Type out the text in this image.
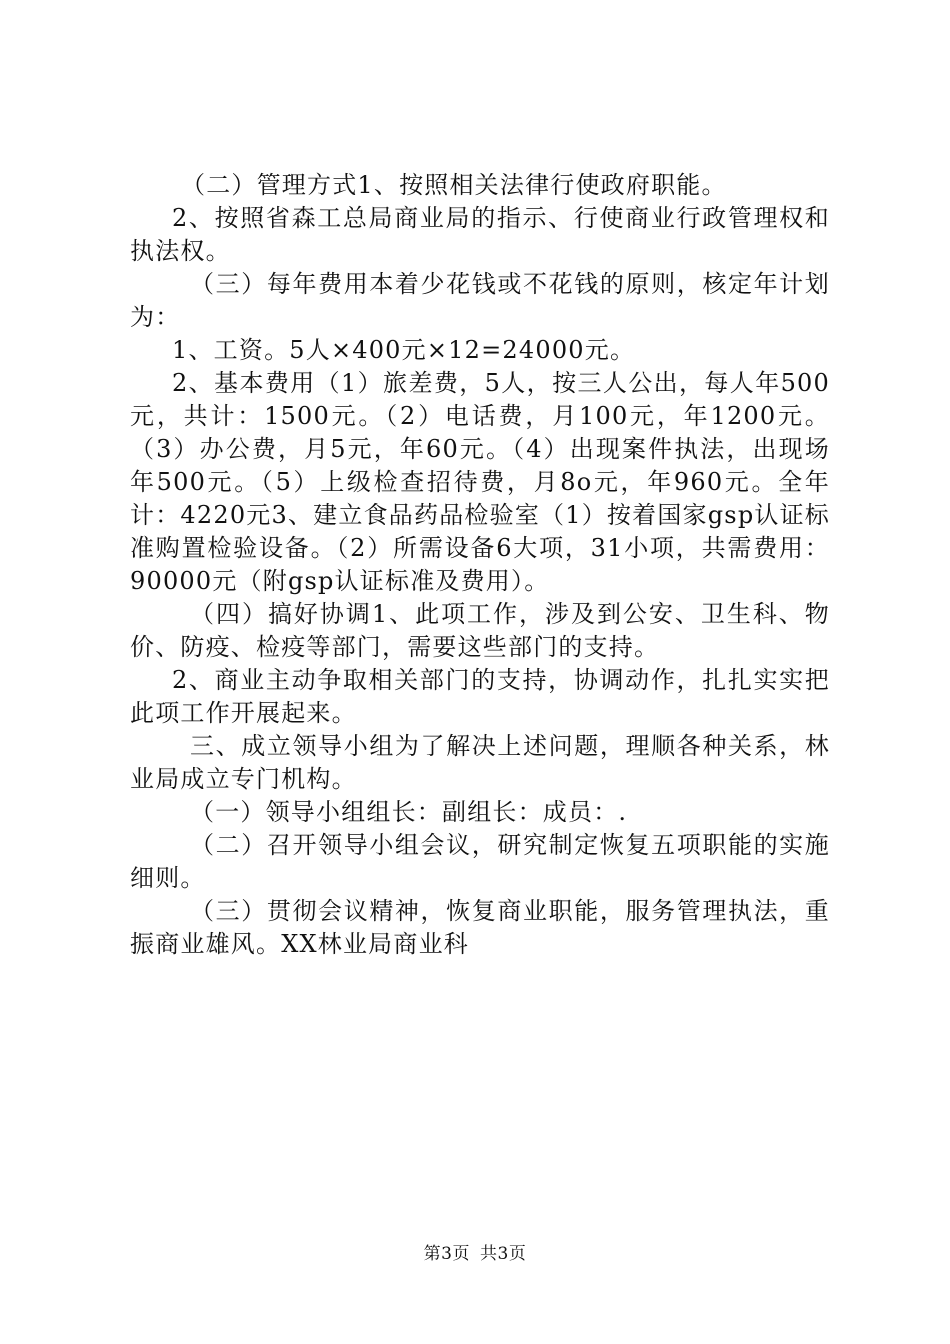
（二）管理方式1、按照相关法律行使政府职能。

2、按照省森工总局商业局的指示、行使商业行政管理权和执法权。

（三）每年费用本着少花钱或不花钱的原则，核定年计划为：

1、工资。5人×400元×12=24000元。

2、基本费用（1）旅差费，5人，按三人公出，每人年500元，共计：1500元。（2）电话费，月100元，年1200元。（3）办公费，月5元，年60元。（4）出现案件执法，出现场年500元。（5）上级检查招待费，月8o元，年960元。全年计：4220元3、建立食品药品检验室（1）按着国家gsp认证标准购置检验设备。（2）所需设备6大项，31小项，共需费用：90000元（附gsp认证标准及费用）。

（四）搞好协调1、此项工作，涉及到公安、卫生科、物价、防疫、检疫等部门，需要这些部门的支持。

2、商业主动争取相关部门的支持，协调动作，扎扎实实把此项工作开展起来。

三、成立领导小组为了解决上述问题，理顺各种关系，林业局成立专门机构。

（一）领导小组组长：副组长：成员：.

（二）召开领导小组会议，研究制定恢复五项职能的实施细则。

（三）贯彻会议精神，恢复商业职能，服务管理执法，重振商业雄风。XX林业局商业科

第3页 共3页
